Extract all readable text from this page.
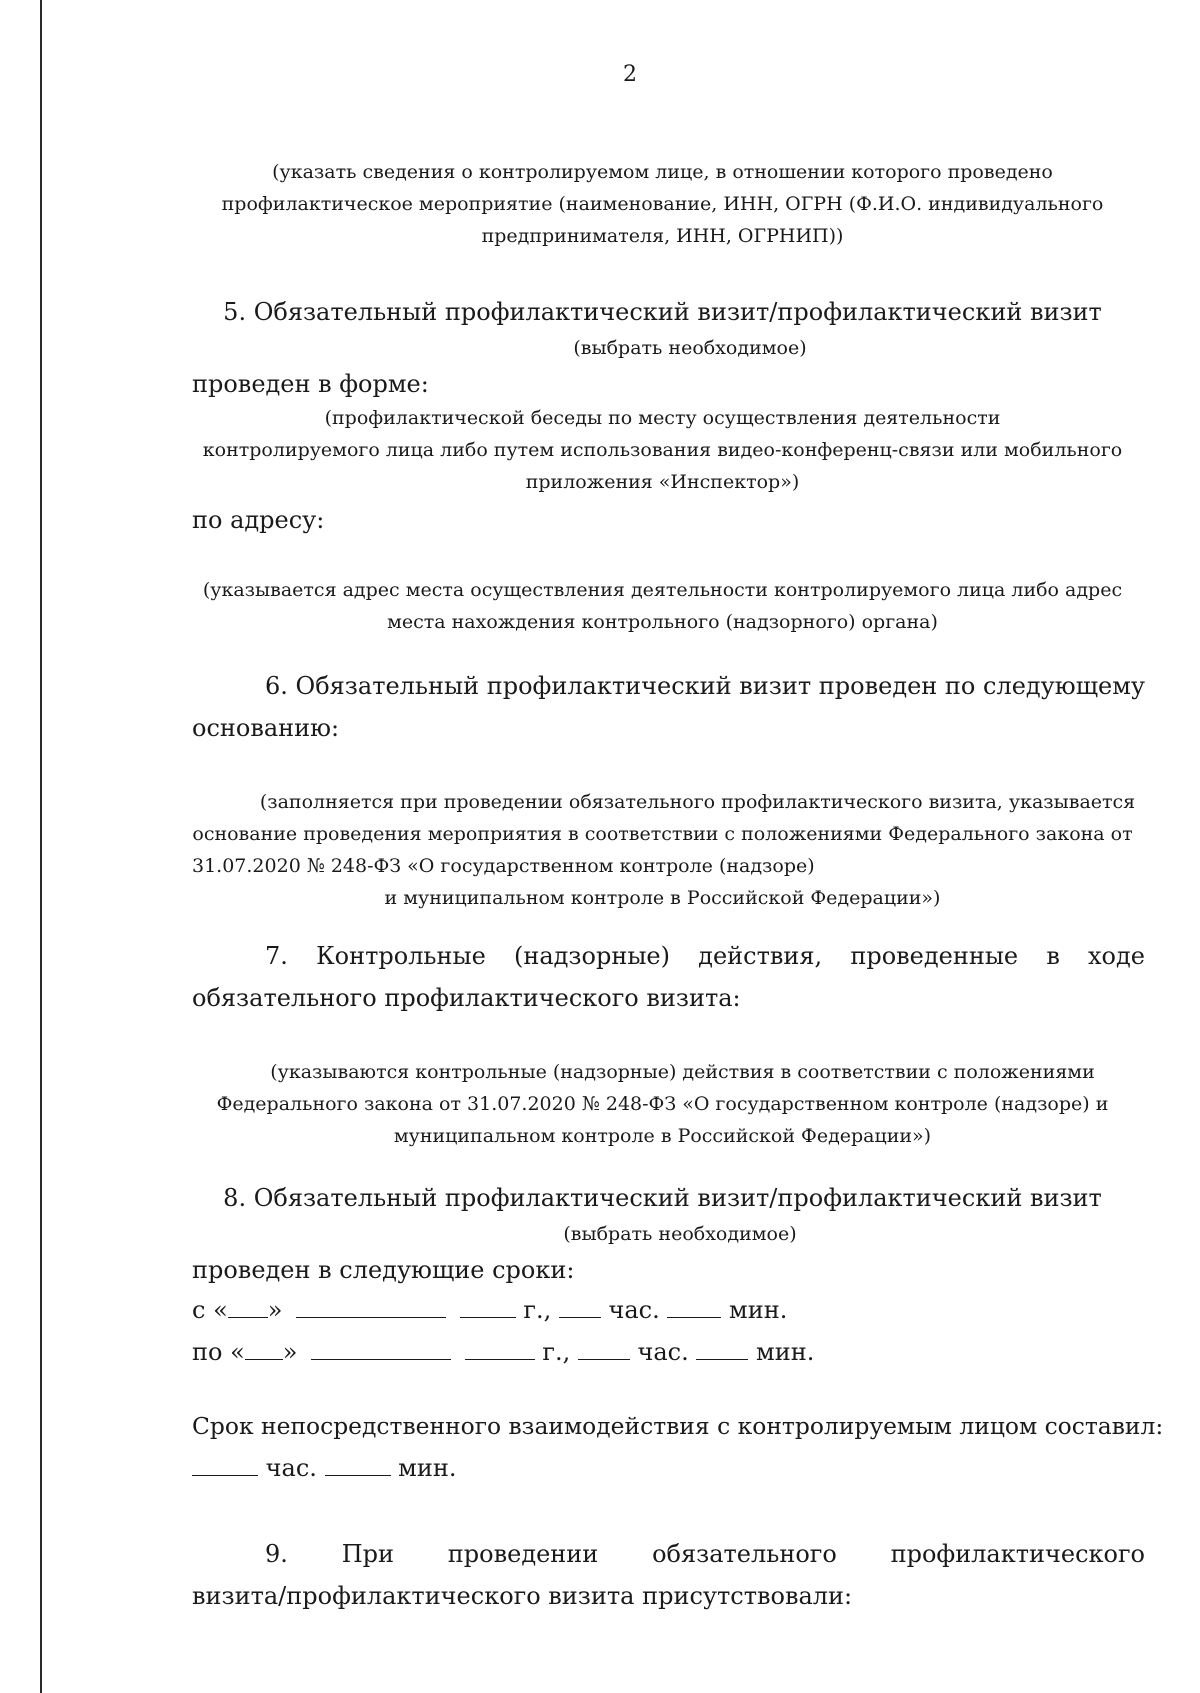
2

(указать сведения о контролируемом лице, в отношении которого проведено
профилактическое мероприятие (наименование, ИНН, ОГРН (Ф.И.О. индивидуального
предпринимателя, ИНН, ОГРНИП))

5. Обязательный профилактический визит/профилактический визит

(выбрать необходимое)

проведен в форме:

(профилактической беседы по месту осуществления деятельности
контролируемого лица либо путем использования видео-конференц-связи или мобильного
приложения «Инспектор»)

по адресу:

(указывается адрес места осуществления деятельности контролируемого лица либо адрес
места нахождения контрольного (надзорного) органа)

6. Обязательный профилактический визит проведен по следующему

основанию:

(заполняется при проведении обязательного профилактического визита, указывается
основание проведения мероприятия в соответствии с положениями Федерального закона от
31.07.2020 № 248-ФЗ «О государственном контроле (надзоре)
и муниципальном контроле в Российской Федерации»)
7. Контрольные (надзорные) действия, проведенные в ходе

обязательного профилактического визита:

(указываются контрольные (надзорные) действия в соответствии с положениями
Федерального закона от 31.07.2020 № 248-ФЗ «О государственном контроле (надзоре) и
муниципальном контроле в Российской Федерации»)

8. Обязательный профилактический визит/профилактический визит

(выбрать необходимое)

проведен в следующие сроки:

с « »	г., час.	мин.
по « »	г.,	час.	мин.

Срок непосредственного взаимодействия с контролируемым лицом составил:

час.	мин.
9. При проведении обязательного профилактического

визита/профилактического визита присутствовали:
